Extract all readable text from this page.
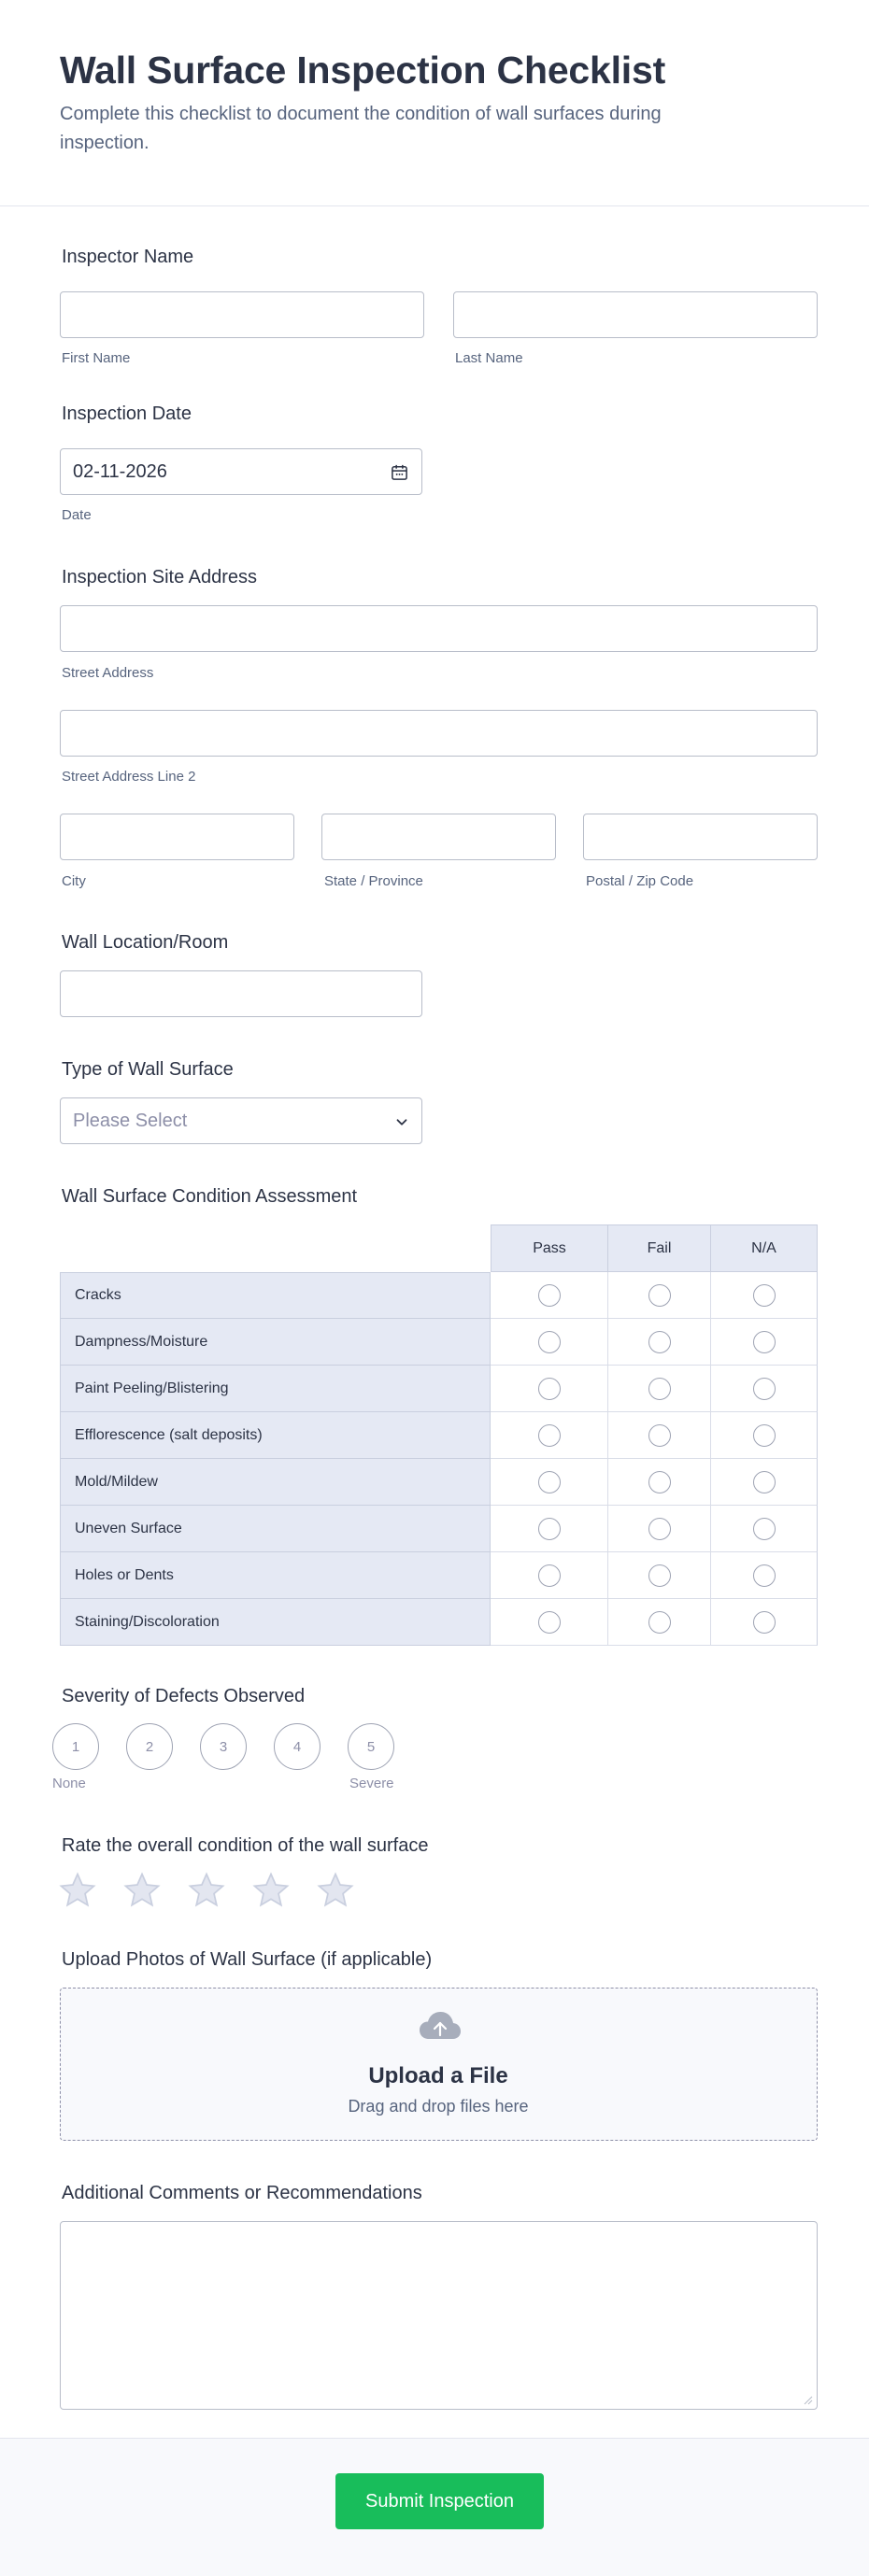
Wall Surface Inspection Checklist

Complete this checklist to document the condition of wall surfaces during inspection.

Inspector Name
First Name	Last Name
Inspection Date
02-11-2026
Date
Inspection Site Address
Street Address
Street Address Line 2
City	State / Province	Postal / Zip Code
Wall Location/Room
Type of Wall Surface
Please Select
Wall Surface Condition Assessment
Pass	Fail	N/A
Cracks
Dampness/Moisture
Paint Peeling/Blistering
Efflorescence (salt deposits)
Mold/Mildew
Uneven Surface
Holes or Dents
Staining/Discoloration
Severity of Defects Observed
1	2	3	4	5
None	Severe
Rate the overall condition of the wall surface
Upload Photos of Wall Surface (if applicable)
Upload a File
Drag and drop files here
Additional Comments or Recommendations
Submit Inspection
